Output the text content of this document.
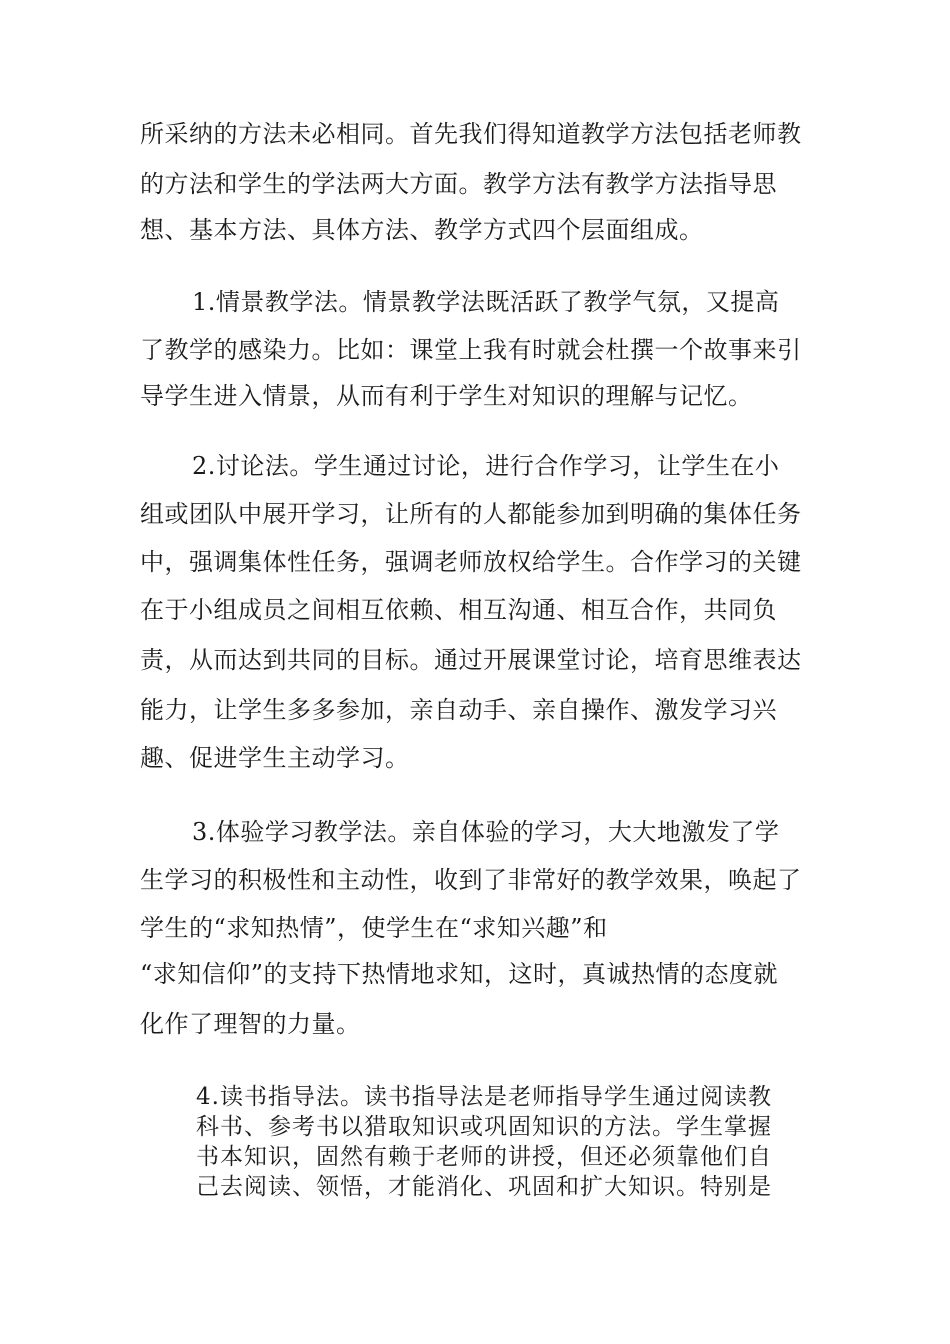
所采纳的方法未必相同。首先我们得知道教学方法包括老师教
的方法和学生的学法两大方面。教学方法有教学方法指导思
想、基本方法、具体方法、教学方式四个层面组成。
1.情景教学法。情景教学法既活跃了教学气氛，又提高
了教学的感染力。比如：课堂上我有时就会杜撰一个故事来引
导学生进入情景，从而有利于学生对知识的理解与记忆。
2.讨论法。学生通过讨论，进行合作学习，让学生在小
组或团队中展开学习，让所有的人都能参加到明确的集体任务
中，强调集体性任务，强调老师放权给学生。合作学习的关键
在于小组成员之间相互依赖、相互沟通、相互合作，共同负
责，从而达到共同的目标。通过开展课堂讨论，培育思维表达
能力，让学生多多参加，亲自动手、亲自操作、激发学习兴
趣、促进学生主动学习。
3.体验学习教学法。亲自体验的学习，大大地激发了学
生学习的积极性和主动性，收到了非常好的教学效果，唤起了
学生的“求知热情”，使学生在“求知兴趣”和
“求知信仰”的支持下热情地求知，这时，真诚热情的态度就
化作了理智的力量。
4.读书指导法。读书指导法是老师指导学生通过阅读教
科书、参考书以猎取知识或巩固知识的方法。学生掌握
书本知识，固然有赖于老师的讲授，但还必须靠他们自
己去阅读、领悟，才能消化、巩固和扩大知识。特别是
